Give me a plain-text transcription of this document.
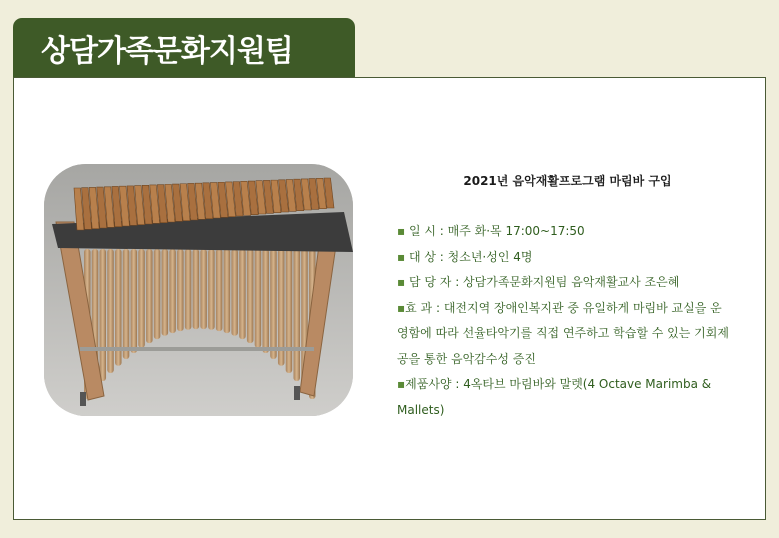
상담가족문화지원팀
2021년 음악재활프로그램 마림바 구입
▪ 일 시 : 매주 화·목 17:00~17:50
▪ 대 상 : 청소년·성인 4명
▪ 담 당 자 : 상담가족문화지원팀 음악재활교사 조은혜
▪효 과 : 대전지역 장애인복지관 중 유일하게 마림바 교실을 운영함에 따라 선율타악기를 직접 연주하고 학습할 수 있는 기회제공을 통한 음악감수성 증진
▪제품사양 : 4옥타브 마림바와 말렛(4 Octave Marimba & Mallets)
